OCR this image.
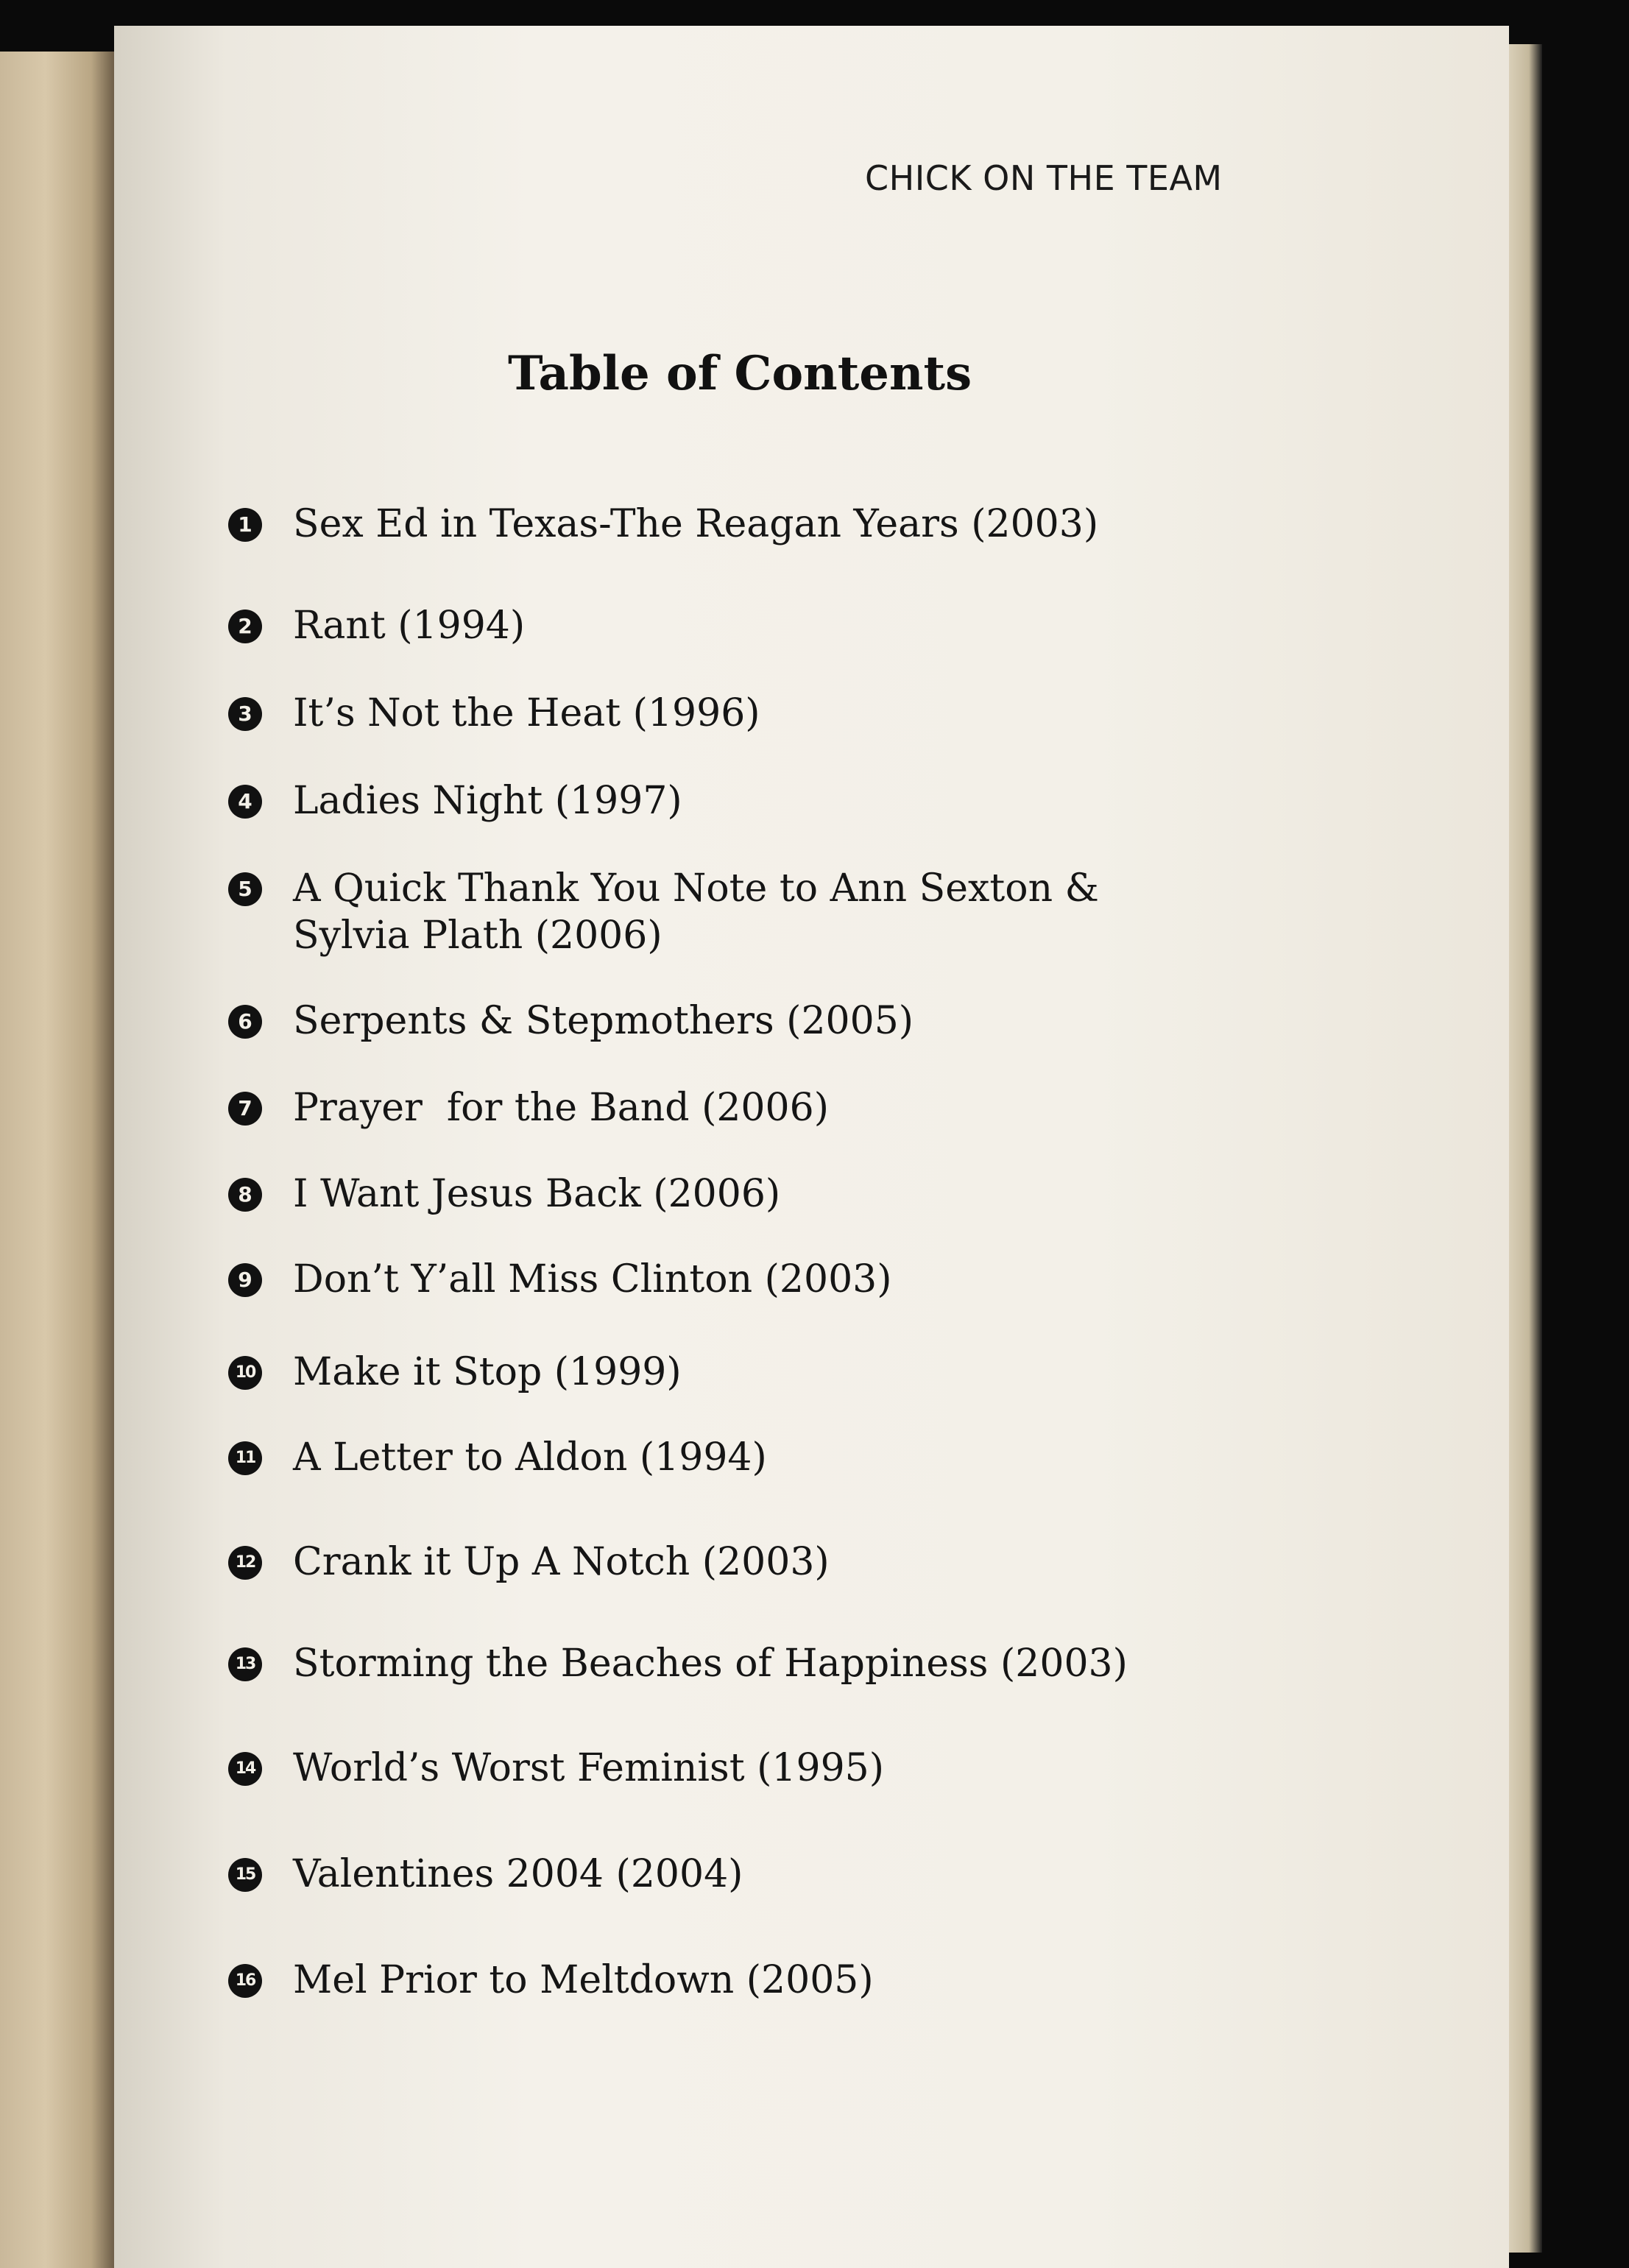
CHICK ON THE TEAM
Table of Contents
1 Sex Ed in Texas-The Reagan Years (2003)
2 Rant (1994)
3 It’s Not the Heat (1996)
4 Ladies Night (1997)
5 A Quick Thank You Note to Ann Sexton &
Sylvia Plath (2006)
6 Serpents & Stepmothers (2005)
7 Prayer  for the Band (2006)
8 I Want Jesus Back (2006)
9 Don’t Y’all Miss Clinton (2003)
10 Make it Stop (1999)
11 A Letter to Aldon (1994)
12 Crank it Up A Notch (2003)
13 Storming the Beaches of Happiness (2003)
14 World’s Worst Feminist (1995)
15 Valentines 2004 (2004)
16 Mel Prior to Meltdown (2005)
